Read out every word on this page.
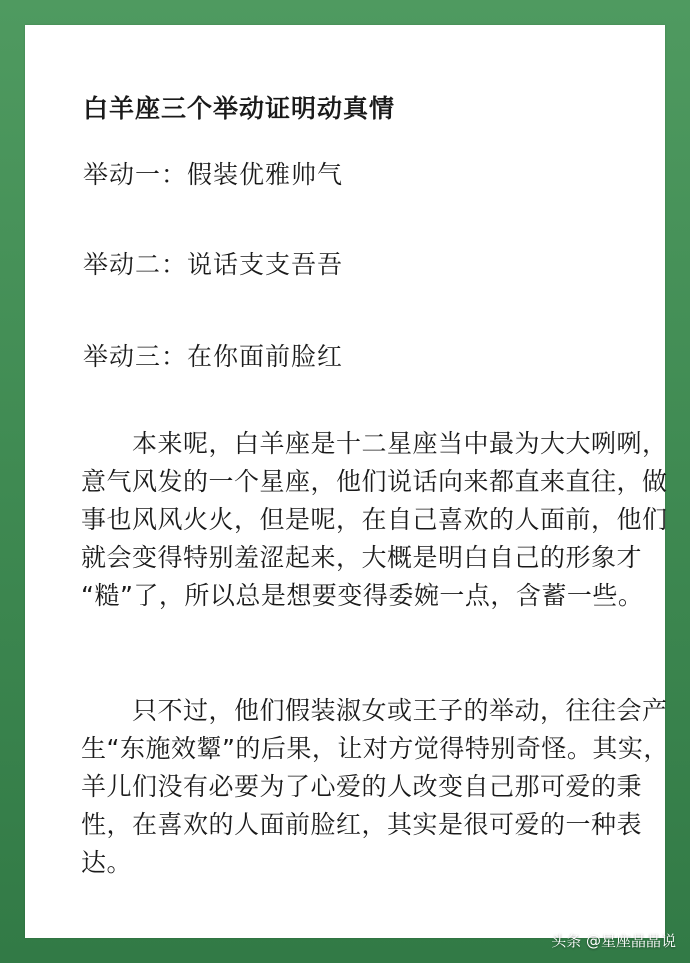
白羊座三个举动证明动真情
举动一：假装优雅帅气
举动二：说话支支吾吾
举动三：在你面前脸红
　　本来呢，白羊座是十二星座当中最为大大咧咧，
意气风发的一个星座，他们说话向来都直来直往，做
事也风风火火，但是呢，在自己喜欢的人面前，他们
就会变得特别羞涩起来，大概是明白自己的形象才
“糙”了，所以总是想要变得委婉一点，含蓄一些。
　　只不过，他们假装淑女或王子的举动，往往会产
生“东施效颦”的后果，让对方觉得特别奇怪。其实，
羊儿们没有必要为了心爱的人改变自己那可爱的秉
性，在喜欢的人面前脸红，其实是很可爱的一种表
达。
头条 @星座晶晶说
